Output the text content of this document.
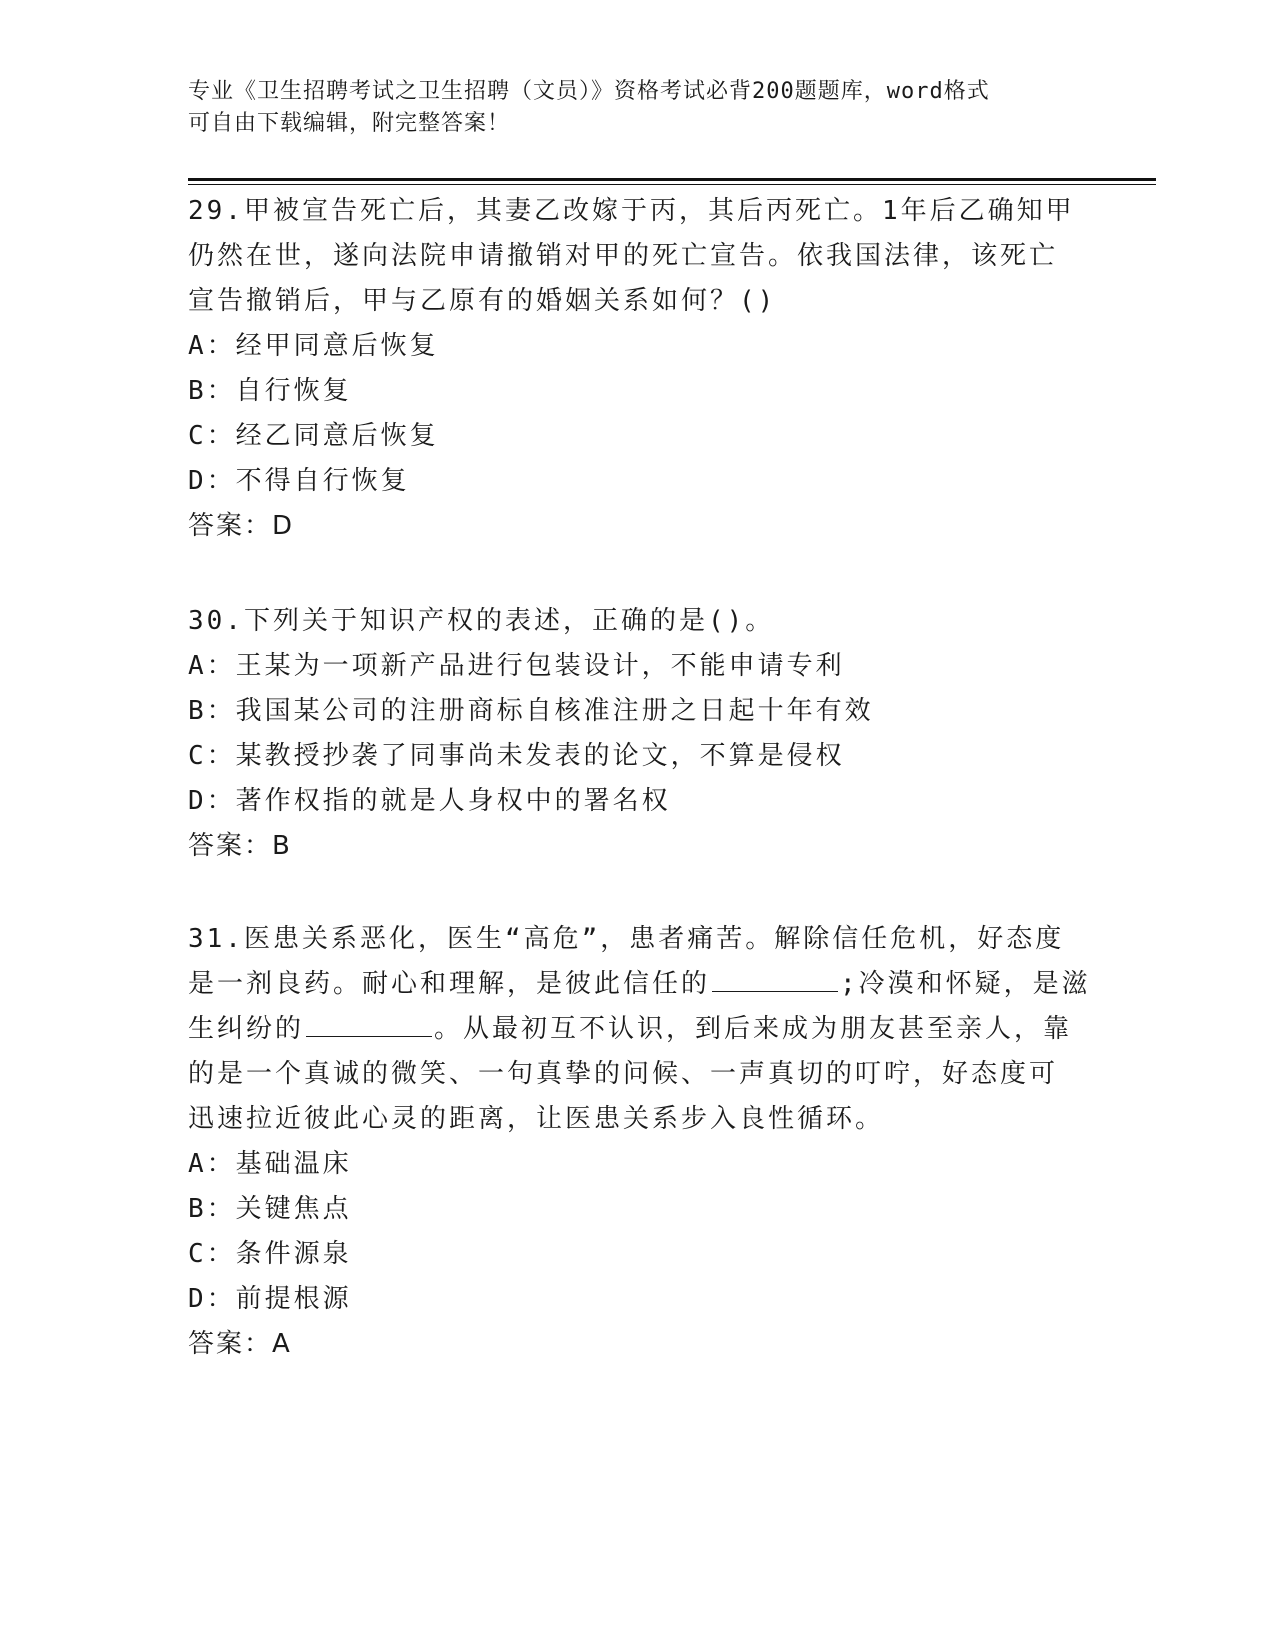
专业《卫生招聘考试之卫生招聘（文员）》资格考试必背200题题库，word格式
可自由下载编辑，附完整答案！
29.甲被宣告死亡后，其妻乙改嫁于丙，其后丙死亡。1年后乙确知甲
仍然在世，遂向法院申请撤销对甲的死亡宣告。依我国法律，该死亡
宣告撤销后，甲与乙原有的婚姻关系如何？()
A：经甲同意后恢复
B：自行恢复
C：经乙同意后恢复
D：不得自行恢复
答案：D
30.下列关于知识产权的表述，正确的是()。
A：王某为一项新产品进行包装设计，不能申请专利
B：我国某公司的注册商标自核准注册之日起十年有效
C：某教授抄袭了同事尚未发表的论文，不算是侵权
D：著作权指的就是人身权中的署名权
答案：B
31.医患关系恶化，医生“高危”，患者痛苦。解除信任危机，好态度
是一剂良药。耐心和理解，是彼此信任的	;冷漠和怀疑，是滋
生纠纷的	。从最初互不认识，到后来成为朋友甚至亲人，靠
的是一个真诚的微笑、一句真挚的问候、一声真切的叮咛，好态度可
迅速拉近彼此心灵的距离，让医患关系步入良性循环。
A：基础温床
B：关键焦点
C：条件源泉
D：前提根源
答案：A
